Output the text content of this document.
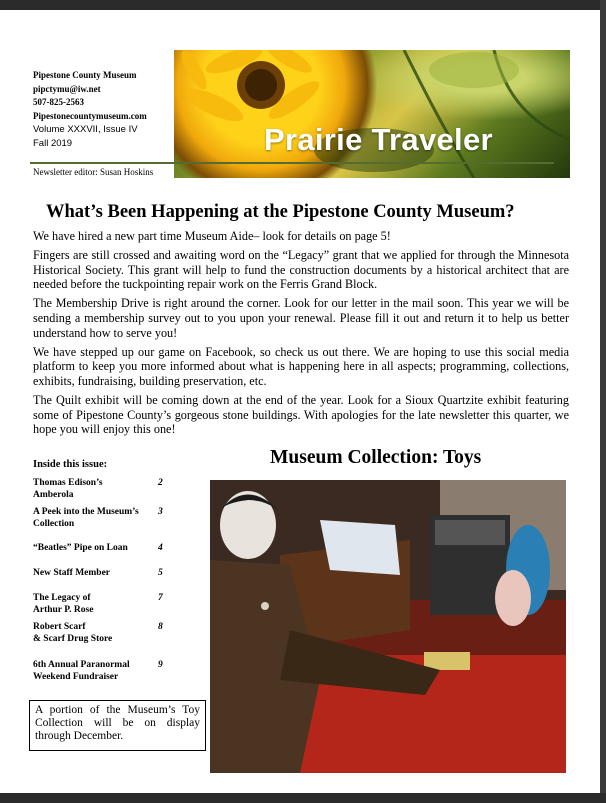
Pipestone County Museum
pipctymu@iw.net
507-825-2563
Pipestonecountymuseum.com
Volume XXXVII, Issue IV
Fall 2019
Newsletter editor: Susan Hoskins
Prairie Traveler
What’s Been Happening at the Pipestone County Museum?

We have hired a new part time Museum Aide– look for details on page 5!

Fingers are still crossed and awaiting word on the “Legacy” grant that we applied for through the Minnesota Historical Society. This grant will help to fund the construction documents by a historical architect that are needed before the tuckpointing repair work on the Ferris Grand Block.

The Membership Drive is right around the corner. Look for our letter in the mail soon. This year we will be sending a membership survey out to you upon your renewal. Please fill it out and return it to help us better understand how to serve you!

We have stepped up our game on Facebook, so check us out there. We are hoping to use this social media platform to keep you more informed about what is happening here in all aspects; programming, collections, exhibits, fundraising, building preservation, etc.

The Quilt exhibit will be coming down at the end of the year. Look for a Sioux Quartzite exhibit featuring some of Pipestone County’s gorgeous stone buildings. With apologies for the late newsletter this quarter, we hope you will enjoy this one!

Inside this issue:
Thomas Edison’s
Amberola
2
A Peek into the Museum’s
Collection
3
“Beatles” Pipe on Loan	4
New Staff Member	5
The Legacy of
Arthur P. Rose
7
Robert Scarf
& Scarf Drug Store
8
6th Annual Paranormal
Weekend Fundraiser
9
A portion of the Museum’s Toy Collection will be on display through December.
Museum Collection: Toys
